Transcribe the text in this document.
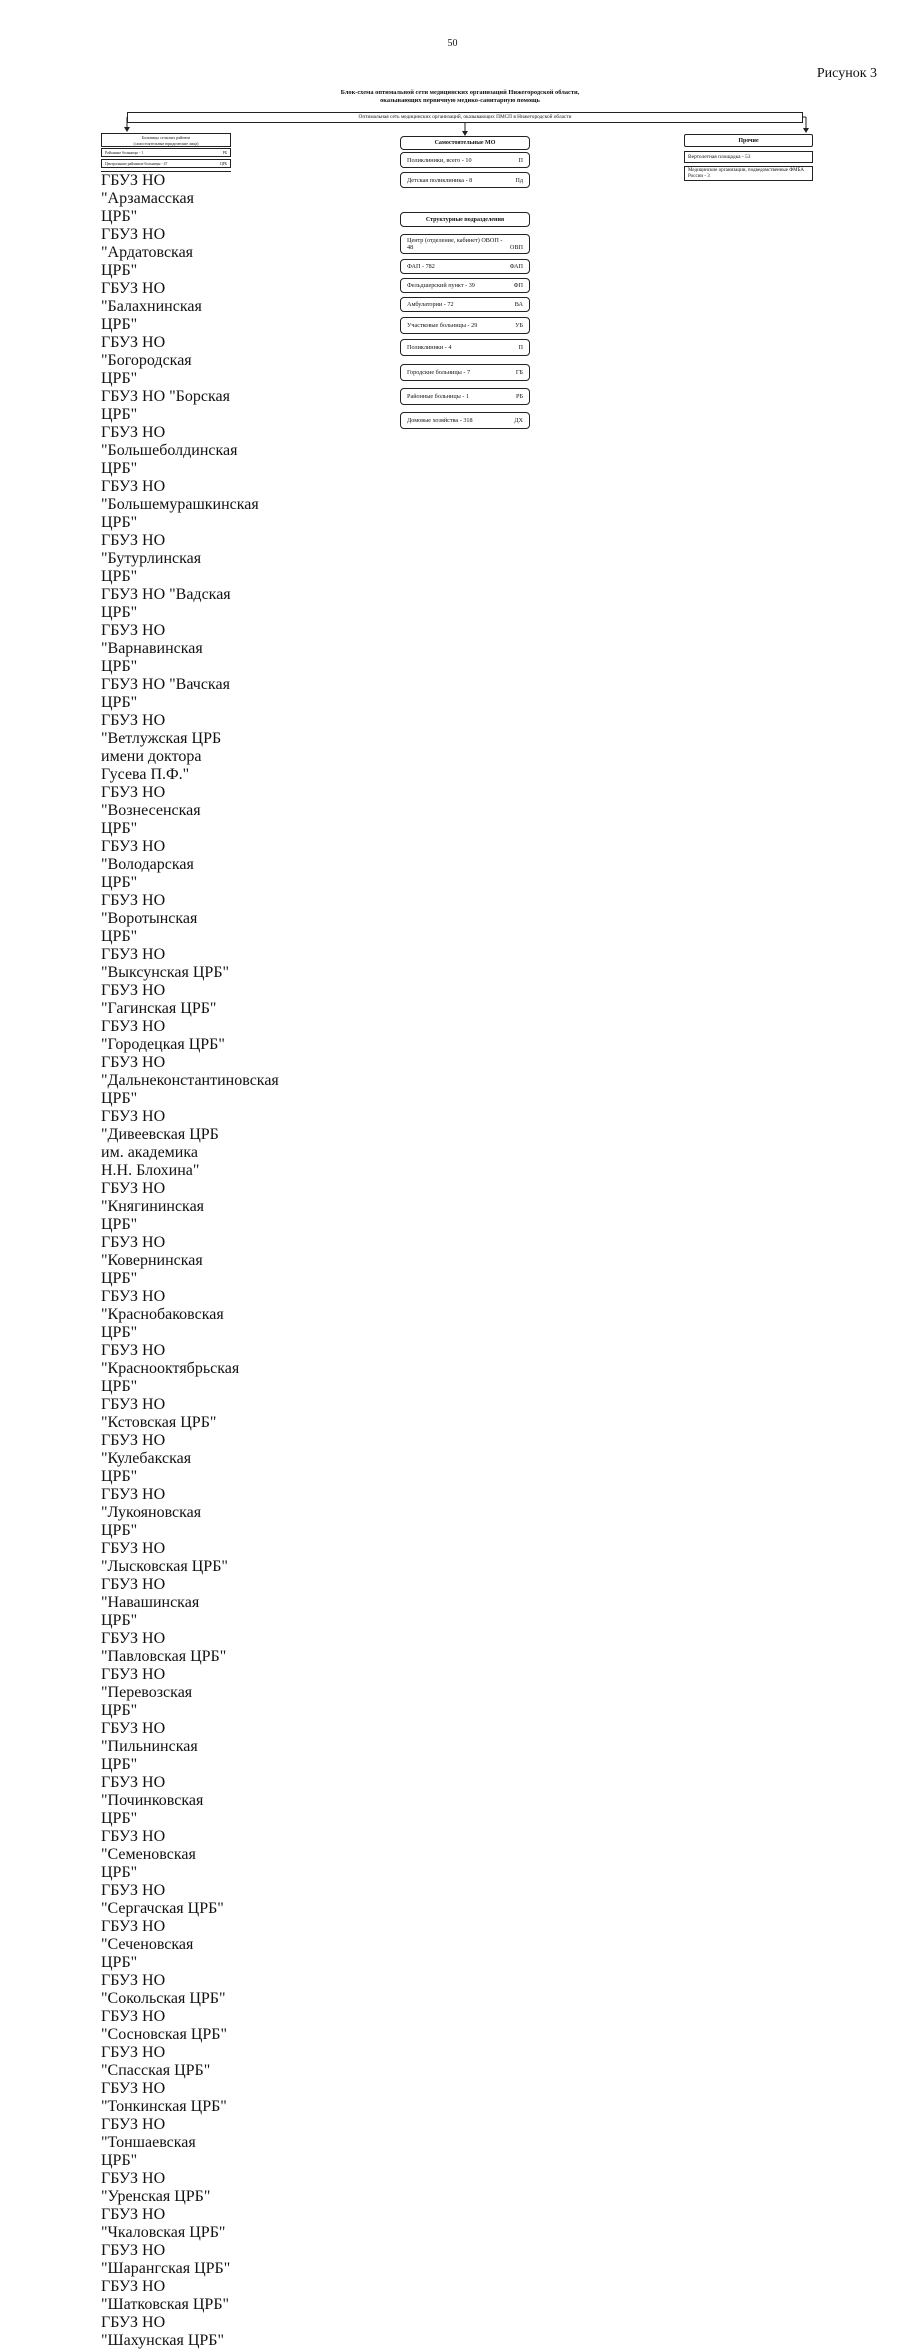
50
Рисунок 3
Блок-схема оптимальной сети медицинских организаций Нижегородской области,
оказывающих первичную медико-санитарную помощь
Оптимальная сеть медицинских организаций, оказывающих ПМСП в Нижегородской области
Больницы сельских районов
(самостоятельные юридические лица)
Районные больницы - 1	РБ
Центральные районные больницы - 47	ЦРБ
ГБУЗ НО "Арзамасская ЦРБ"
ГБУЗ НО "Ардатовская ЦРБ"
ГБУЗ НО "Балахнинская ЦРБ"
ГБУЗ НО "Богородская ЦРБ"
ГБУЗ НО "Борская ЦРБ"
ГБУЗ НО "Большеболдинская ЦРБ"
ГБУЗ НО "Большемурашкинская ЦРБ"
ГБУЗ НО "Бутурлинская ЦРБ"
ГБУЗ НО "Вадская ЦРБ"
ГБУЗ НО "Варнавинская ЦРБ"
ГБУЗ НО "Вачская ЦРБ"
ГБУЗ НО "Ветлужская ЦРБ имени доктора Гусева П.Ф."
ГБУЗ НО "Вознесенская ЦРБ"
ГБУЗ НО "Володарская ЦРБ"
ГБУЗ НО "Воротынская ЦРБ"
ГБУЗ НО "Выксунская ЦРБ"
ГБУЗ НО "Гагинская ЦРБ"
ГБУЗ НО "Городецкая ЦРБ"
ГБУЗ НО "Дальнеконстантиновская ЦРБ"
ГБУЗ НО "Дивеевская ЦРБ им. академика Н.Н. Блохина"
ГБУЗ НО "Княгининская ЦРБ"
ГБУЗ НО "Ковернинская ЦРБ"
ГБУЗ НО "Краснобаковская ЦРБ"
ГБУЗ НО "Краснооктябрьская ЦРБ"
ГБУЗ НО "Кстовская ЦРБ"
ГБУЗ НО "Кулебакская ЦРБ"
ГБУЗ НО "Лукояновская ЦРБ"
ГБУЗ НО "Лысковская ЦРБ"
ГБУЗ НО "Навашинская ЦРБ"
ГБУЗ НО "Павловская ЦРБ"
ГБУЗ НО "Перевозская ЦРБ"
ГБУЗ НО "Пильнинская ЦРБ"
ГБУЗ НО "Починковская ЦРБ"
ГБУЗ НО "Семеновская ЦРБ"
ГБУЗ НО "Сергачская ЦРБ"
ГБУЗ НО "Сеченовская ЦРБ"
ГБУЗ НО "Сокольская ЦРБ"
ГБУЗ НО "Сосновская ЦРБ"
ГБУЗ НО "Спасская ЦРБ"
ГБУЗ НО "Тонкинская ЦРБ"
ГБУЗ НО "Тоншаевская ЦРБ"
ГБУЗ НО "Уренская ЦРБ"
ГБУЗ НО "Чкаловская ЦРБ"
ГБУЗ НО "Шарангская ЦРБ"
ГБУЗ НО "Шатковская ЦРБ"
ГБУЗ НО "Шахунская ЦРБ"
Самостоятельные МО
Поликлиники, всего - 10	П
Детская поликлиника - 8	Пд
Структурные подразделения
Центр (отделение, кабинет) ОВОП - 48	ОВП
ФАП - 782	ФАП
Фельдшерский пункт - 39	ФП
Амбулатории - 72	ВА
Участковые больницы - 29	УБ
Поликлиники - 4	П
Городские больницы - 7	ГБ
Районные больницы - 1	РБ
Домовые хозяйства - 318	ДХ
Прочие
Вертолетная площадка - 53
Медицинские организации, подведомственные ФМБА России - 3
